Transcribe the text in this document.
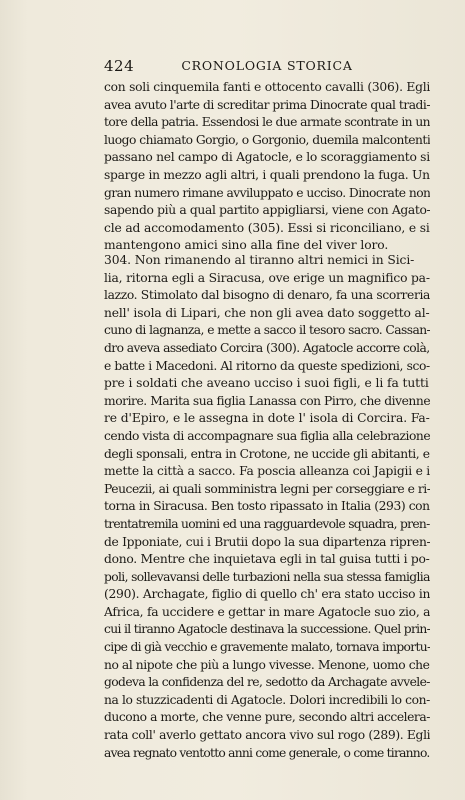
424	CRONOLOGIA STORICA
con soli cinquemila fanti e ottocento cavalli (306). Egli
avea avuto l'arte di screditar prima Dinocrate qual tradi-
tore della patria. Essendosi le due armate scontrate in un
luogo chiamato Gorgio, o Gorgonio, duemila malcontenti
passano nel campo di Agatocle, e lo scoraggiamento si
sparge in mezzo agli altri, i quali prendono la fuga. Un
gran numero rimane avviluppato e ucciso. Dinocrate non
sapendo più a qual partito appigliarsi, viene con Agato-
cle ad accomodamento (305). Essi si riconciliano, e si
mantengono amici sino alla fine del viver loro.
304. Non rimanendo al tiranno altri nemici in Sici-
lia, ritorna egli a Siracusa, ove erige un magnifico pa-
lazzo. Stimolato dal bisogno di denaro, fa una scorreria
nell' isola di Lipari, che non gli avea dato soggetto al-
cuno di lagnanza, e mette a sacco il tesoro sacro. Cassan-
dro aveva assediato Corcira (300). Agatocle accorre colà,
e batte i Macedoni. Al ritorno da queste spedizioni, sco-
pre i soldati che aveano ucciso i suoi figli, e li fa tutti
morire. Marita sua figlia Lanassa con Pirro, che divenne
re d'Epiro, e le assegna in dote l' isola di Corcira. Fa-
cendo vista di accompagnare sua figlia alla celebrazione
degli sponsali, entra in Crotone, ne uccide gli abitanti, e
mette la città a sacco. Fa poscia alleanza coi Japigii e i
Peucezii, ai quali somministra legni per corseggiare e ri-
torna in Siracusa. Ben tosto ripassato in Italia (293) con
trentatremila uomini ed una ragguardevole squadra, pren-
de Ipponiate, cui i Brutii dopo la sua dipartenza ripren-
dono. Mentre che inquietava egli in tal guisa tutti i po-
poli, sollevavansi delle turbazioni nella sua stessa famiglia
(290). Archagate, figlio di quello ch' era stato ucciso in
Africa, fa uccidere e gettar in mare Agatocle suo zio, a
cui il tiranno Agatocle destinava la successione. Quel prin-
cipe di già vecchio e gravemente malato, tornava importu-
no al nipote che più a lungo vivesse. Menone, uomo che
godeva la confidenza del re, sedotto da Archagate avvele-
na lo stuzzicadenti di Agatocle. Dolori incredibili lo con-
ducono a morte, che venne pure, secondo altri accelera-
rata coll' averlo gettato ancora vivo sul rogo (289). Egli
avea regnato ventotto anni come generale, o come tiranno.
